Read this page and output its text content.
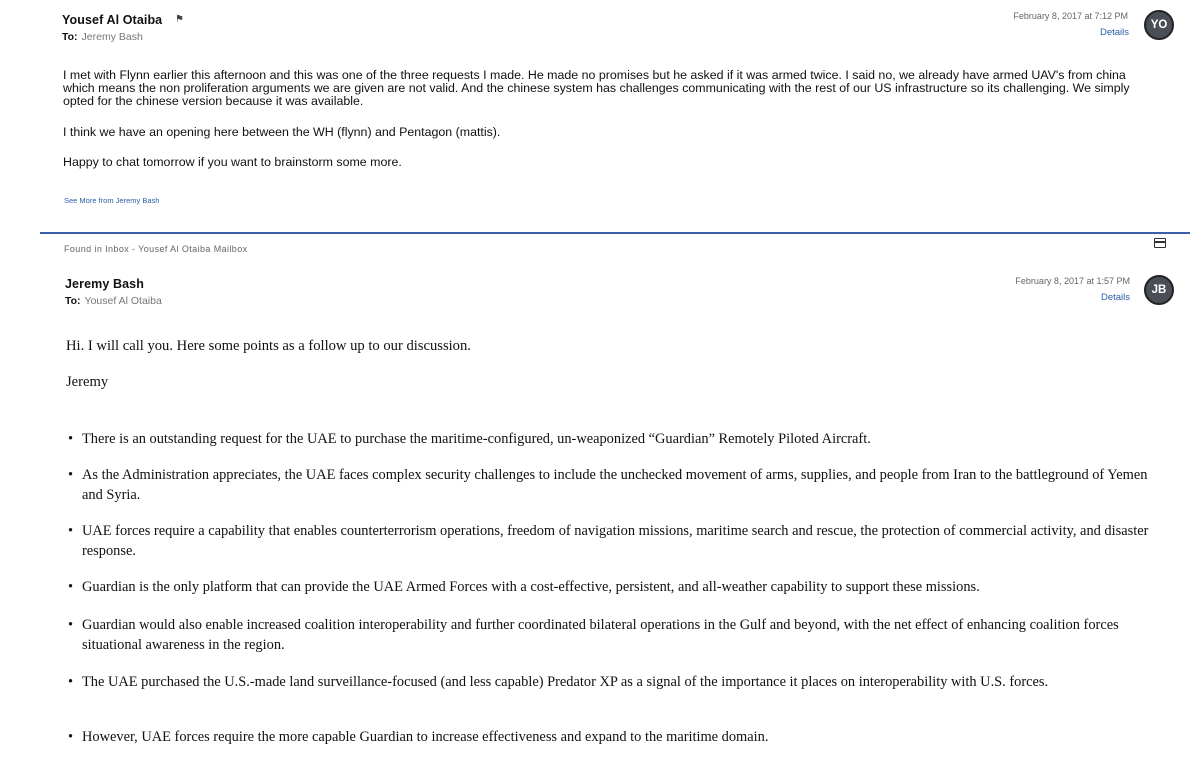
Yousef Al Otaiba ⚑
To: Jeremy Bash
February 8, 2017 at 7:12 PM
Details
YO

I met with Flynn earlier this afternoon and this was one of the three requests I made. He made no promises but he asked if it was armed twice. I said no, we already have armed UAV's from china which means the non proliferation arguments we are given are not valid. And the chinese system has challenges communicating with the rest of our US infrastructure so its challenging. We simply opted for the chinese version because it was available.

I think we have an opening here between the WH (flynn) and Pentagon (mattis).

Happy to chat tomorrow if you want to brainstorm some more.

See More from Jeremy Bash
Found in Inbox - Yousef Al Otaiba Mailbox
Jeremy Bash
To: Yousef Al Otaiba
February 8, 2017 at 1:57 PM
Details
JB
Hi. I will call you. Here some points as a follow up to our discussion.
Jeremy
• There is an outstanding request for the UAE to purchase the maritime-configured, un-weaponized “Guardian” Remotely Piloted Aircraft.
• As the Administration appreciates, the UAE faces complex security challenges to include the unchecked movement of arms, supplies, and people from Iran to the battleground of Yemen and Syria.
• UAE forces require a capability that enables counterterrorism operations, freedom of navigation missions, maritime search and rescue, the protection of commercial activity, and disaster response.
• Guardian is the only platform that can provide the UAE Armed Forces with a cost-effective, persistent, and all-weather capability to support these missions.
• Guardian would also enable increased coalition interoperability and further coordinated bilateral operations in the Gulf and beyond, with the net effect of enhancing coalition forces situational awareness in the region.
• The UAE purchased the U.S.-made land surveillance-focused (and less capable) Predator XP as a signal of the importance it places on interoperability with U.S. forces.
• However, UAE forces require the more capable Guardian to increase effectiveness and expand to the maritime domain.
